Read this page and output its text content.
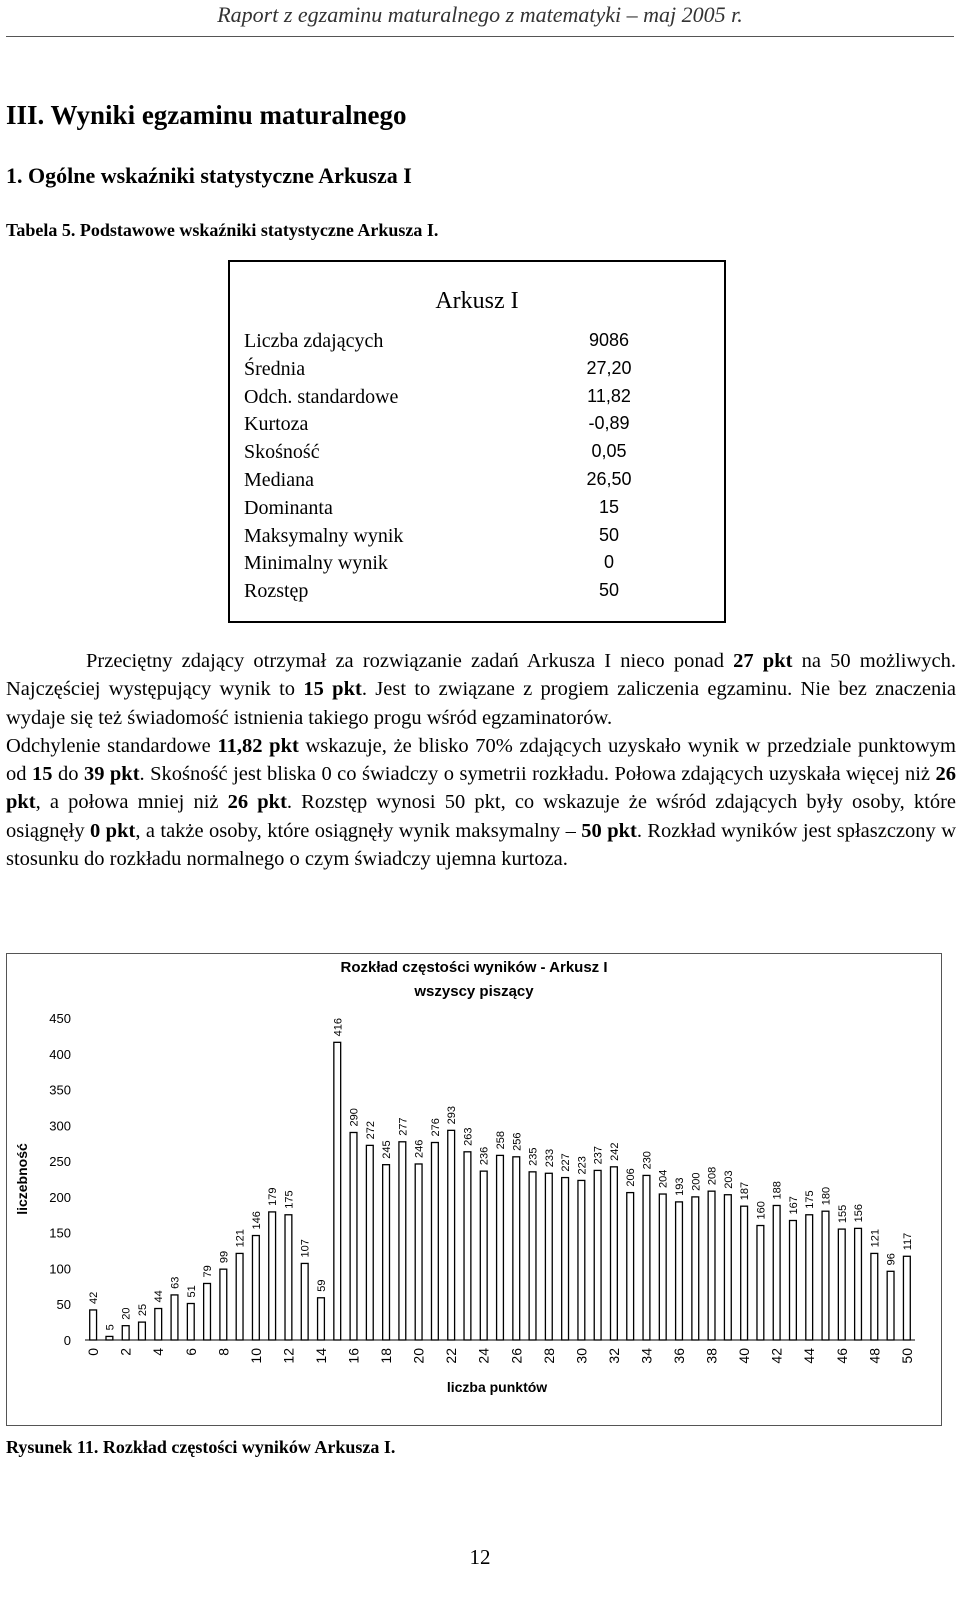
Raport z egzaminu maturalnego z matematyki – maj 2005 r.
III. Wyniki egzaminu maturalnego
1. Ogólne wskaźniki statystyczne Arkusza I
Tabela 5. Podstawowe wskaźniki statystyczne Arkusza I.
Arkusz I
Liczba zdających	9086
Średnia	27,20
Odch. standardowe	11,82
Kurtoza	-0,89
Skośność	0,05
Mediana	26,50
Dominanta	15
Maksymalny wynik	50
Minimalny wynik	0
Rozstęp	50

Przeciętny zdający otrzymał za rozwiązanie zadań Arkusza I nieco ponad 27 pkt na 50 możliwych. Najczęściej występujący wynik to 15 pkt. Jest to związane z progiem zaliczenia egzaminu. Nie bez znaczenia wydaje się też świadomość istnienia takiego progu wśród egzaminatorów.

Odchylenie standardowe 11,82 pkt wskazuje, że blisko 70% zdających uzyskało wynik w przedziale punktowym od 15 do 39 pkt. Skośność jest bliska 0 co świadczy o symetrii rozkładu. Połowa zdających uzyskała więcej niż 26 pkt, a połowa mniej niż 26 pkt. Rozstęp wynosi 50 pkt, co wskazuje że wśród zdających były osoby, które osiągnęły 0 pkt, a także osoby, które osiągnęły wynik maksymalny – 50 pkt. Rozkład wyników jest spłaszczony w stosunku do rozkładu normalnego o czym świadczy ujemna kurtoza.

Rozkład częstości wyników - Arkusz I
wszyscy piszący
0
50
100
150
200
250
300
350
400
450
liczebność
42
5
20 25
44
63
51
79
99
121
146
179 175
107
59
416
290
272
245
277
246
276
293
263
236
258 256
235 233 227 223
237 242
206
230
204 193 200 208 203
187
160
188
167 175 180
155 156
121
96
117
0 2 4 6 8 10 12 14 16 18 20 22 24 26 28 30 32 34 36 38 40 42 44 46 48 50
liczba punktów
Rysunek 11. Rozkład częstości wyników Arkusza I.
12
